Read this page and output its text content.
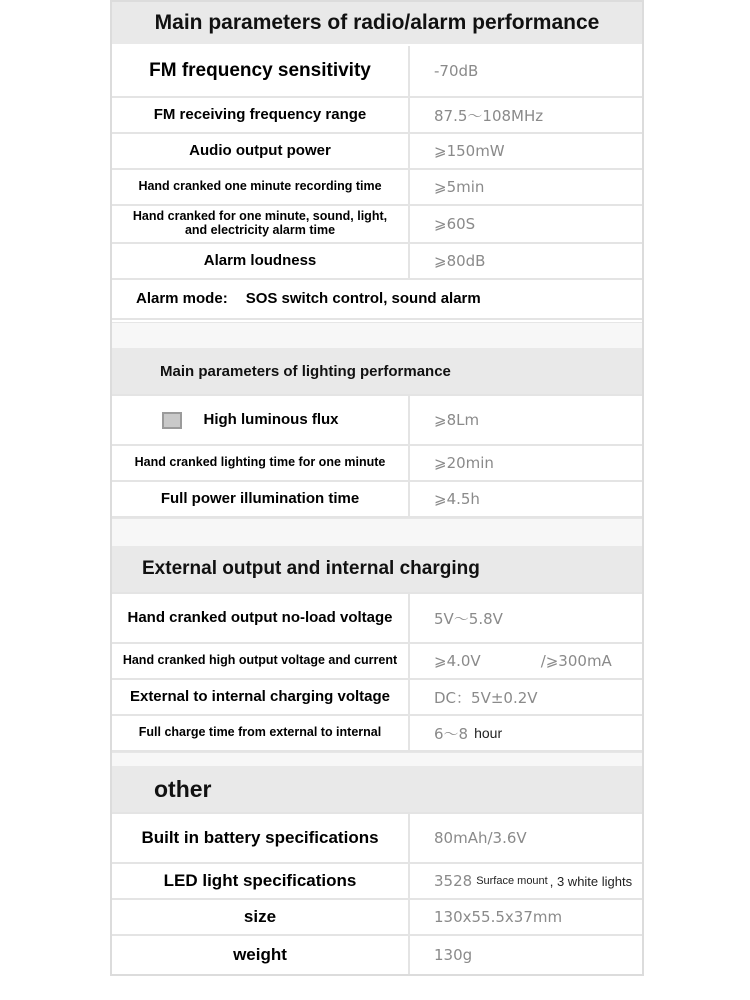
Main parameters of radio/alarm performance
FM frequency sensitivity	-70dB
FM receiving frequency range	87.5～108MHz
Audio output power	⩾150mW
Hand cranked one minute recording time	⩾5min
Hand cranked for one minute, sound, light, and electricity alarm time	⩾60S
Alarm loudness	⩾80dB
Alarm mode: SOS switch control, sound alarm
Main parameters of lighting performance
High luminous flux	⩾8Lm
Hand cranked lighting time for one minute	⩾20min
Full power illumination time	⩾4.5h
External output and internal charging
Hand cranked output no-load voltage	5V～5.8V
Hand cranked high output voltage and current	⩾4.0V	/⩾300mA
External to internal charging voltage	DC：5V±0.2V
Full charge time from external to internal	6～8 hour
other
Built in battery specifications	80mAh/3.6V
LED light specifications	3528 Surface mount , 3 white lights
size	130x55.5x37mm
weight	130g
